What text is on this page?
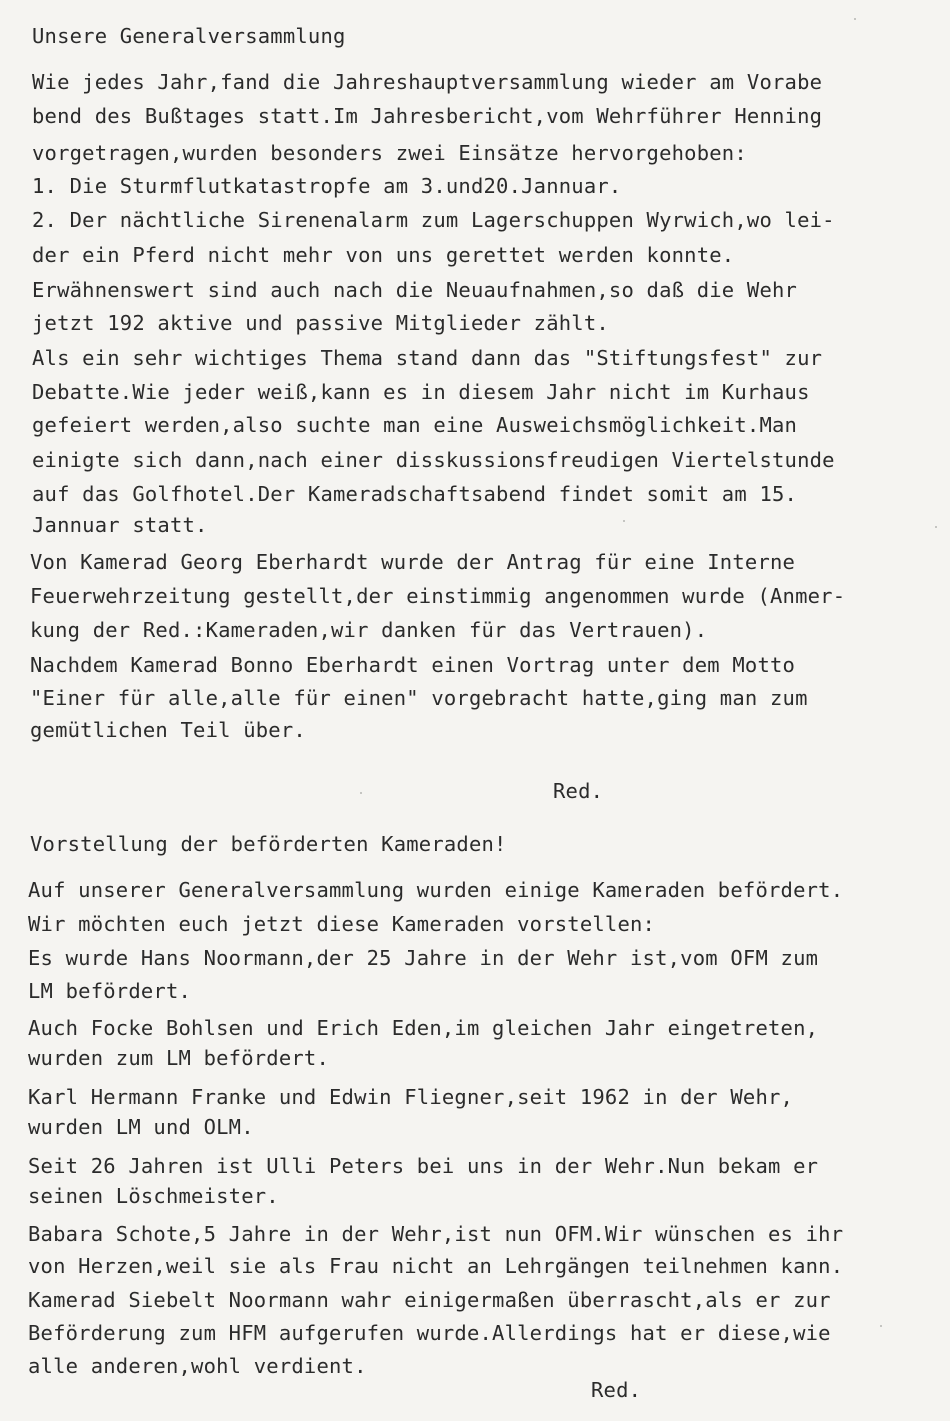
Unsere Generalversammlung
Wie jedes Jahr,fand die Jahreshauptversammlung wieder am Vorabe
bend des Bußtages statt.Im Jahresbericht,vom Wehrführer Henning
vorgetragen,wurden besonders zwei Einsätze hervorgehoben:
1. Die Sturmflutkatastropfe am 3.und20.Jannuar.
2. Der nächtliche Sirenenalarm zum Lagerschuppen Wyrwich,wo lei-
der ein Pferd nicht mehr von uns gerettet werden konnte.
Erwähnenswert sind auch nach die Neuaufnahmen,so daß die Wehr
jetzt 192 aktive und passive Mitglieder zählt.
Als ein sehr wichtiges Thema stand dann das "Stiftungsfest" zur
Debatte.Wie jeder weiß,kann es in diesem Jahr nicht im Kurhaus
gefeiert werden,also suchte man eine Ausweichsmöglichkeit.Man
einigte sich dann,nach einer disskussionsfreudigen Viertelstunde
auf das Golfhotel.Der Kameradschaftsabend findet somit am 15.
Jannuar statt.
Von Kamerad Georg Eberhardt wurde der Antrag für eine Interne
Feuerwehrzeitung gestellt,der einstimmig angenommen wurde (Anmer-
kung der Red.:Kameraden,wir danken für das Vertrauen).
Nachdem Kamerad Bonno Eberhardt einen Vortrag unter dem Motto
"Einer für alle,alle für einen" vorgebracht hatte,ging man zum
gemütlichen Teil über.
Red.
Vorstellung der beförderten Kameraden!
Auf unserer Generalversammlung wurden einige Kameraden befördert.
Wir möchten euch jetzt diese Kameraden vorstellen:
Es wurde Hans Noormann,der 25 Jahre in der Wehr ist,vom OFM zum
LM befördert.
Auch Focke Bohlsen und Erich Eden,im gleichen Jahr eingetreten,
wurden zum LM befördert.
Karl Hermann Franke und Edwin Fliegner,seit 1962 in der Wehr,
wurden LM und OLM.
Seit 26 Jahren ist Ulli Peters bei uns in der Wehr.Nun bekam er
seinen Löschmeister.
Babara Schote,5 Jahre in der Wehr,ist nun OFM.Wir wünschen es ihr
von Herzen,weil sie als Frau nicht an Lehrgängen teilnehmen kann.
Kamerad Siebelt Noormann wahr einigermaßen überrascht,als er zur
Beförderung zum HFM aufgerufen wurde.Allerdings hat er diese,wie
alle anderen,wohl verdient.
Red.
